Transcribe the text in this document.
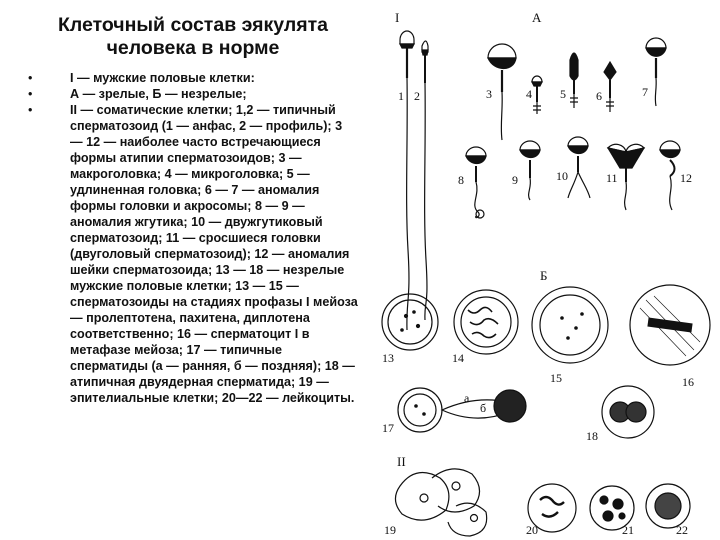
Клеточный состав эякулята
человека в норме
• I — мужские половые клетки:
• А — зрелые, Б — незрелые;
• II — соматические клетки; 1,2 — типичный сперматозоид (1 — анфас, 2 — профиль); 3 — 12 — наиболее часто встречающиеся формы атипии сперматозоидов; 3 — макроголовка; 4 — микроголовка; 5 — удлиненная головка; 6 — 7 — аномалия формы головки и акросомы; 8 — 9 — аномалия жгутика; 10 — двужгутиковый сперматозоид; 11 — сросшиеся головки (двуголовый сперматозоид); 12 — аномалия шейки сперматозоида; 13 — 18 — незрелые мужские половые клетки; 13 — 15 — сперматозоиды на стадиях профазы I мейоза — пролептотена, пахитена, диплотена соответственно; 16 — сперматоцит I в метафазе мейоза; 17 — типичные сперматиды (а — ранняя, б — поздняя); 18 — атипичная двуядерная сперматида; 19 — эпителиальные клетки; 20—22 — лейкоциты.
I	А
Б
II
1 2	3	4 5	6	7
8	9	10	11	12
13	14
15	16
17
18
19	20	21	22
а
б
